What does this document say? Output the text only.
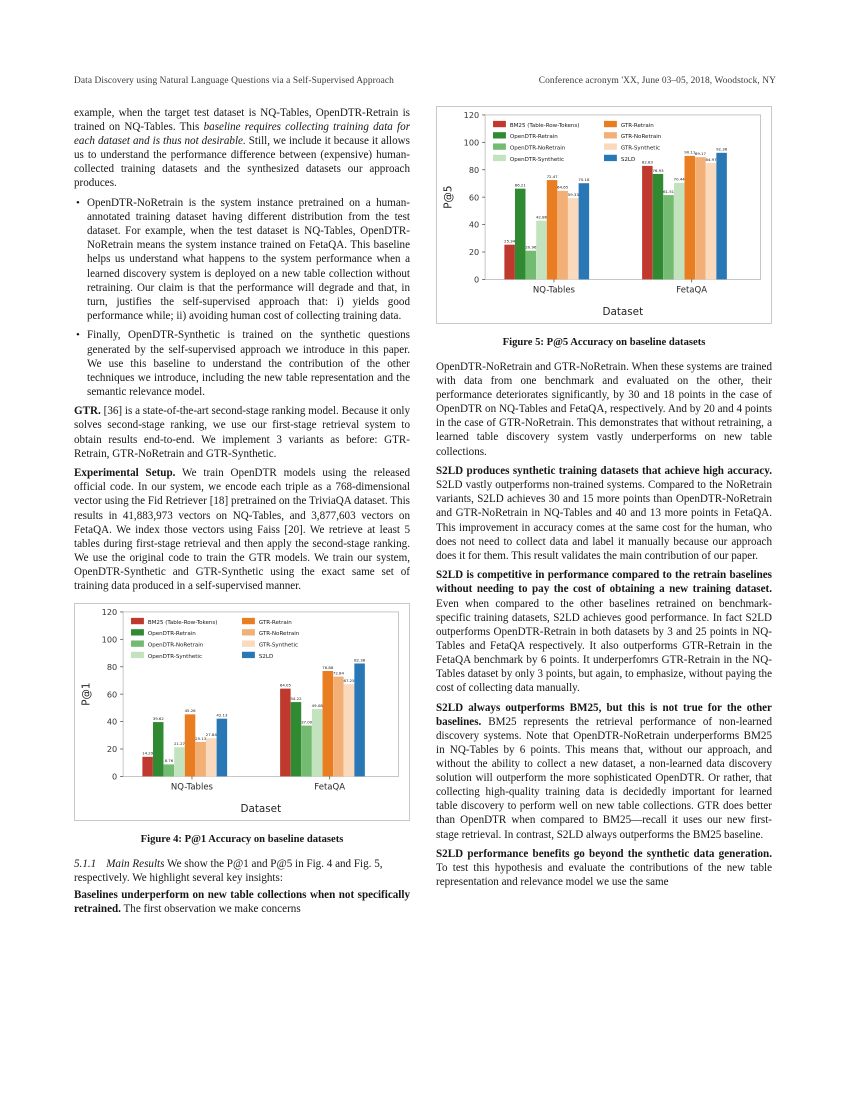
Data Discovery using Natural Language Questions via a Self-Supervised Approach	Conference acronym 'XX, June 03–05, 2018, Woodstock, NY

example, when the target test dataset is NQ-Tables, OpenDTR-Retrain is trained on NQ-Tables. This baseline requires collecting training data for each dataset and is thus not desirable. Still, we include it because it allows us to understand the performance difference between (expensive) human-collected training datasets and the synthesized datasets our approach produces.

• OpenDTR-NoRetrain is the system instance pretrained on a human-annotated training dataset having different distribution from the test dataset. For example, when the test dataset is NQ-Tables, OpenDTR-NoRetrain means the system instance trained on FetaQA. This baseline helps us understand what happens to the system performance when a learned discovery system is deployed on a new table collection without retraining. Our claim is that the performance will degrade and that, in turn, justifies the self-supervised approach that: i) yields good performance while; ii) avoiding human cost of collecting training data.
• Finally, OpenDTR-Synthetic is trained on the synthetic questions generated by the self-supervised approach we introduce in this paper. We use this baseline to understand the contribution of the other techniques we introduce, including the new table representation and the semantic relevance model.

GTR. [36] is a state-of-the-art second-stage ranking model. Because it only solves second-stage ranking, we use our first-stage retrieval system to obtain results end-to-end. We implement 3 variants as before: GTR-Retrain, GTR-NoRetrain and GTR-Synthetic.

Experimental Setup. We train OpenDTR models using the released official code. In our system, we encode each triple as a 768-dimensional vector using the Fid Retriever [18] pretrained on the TriviaQA dataset. This results in 41,883,973 vectors on NQ-Tables, and 3,877,603 vectors on FetaQA. We index those vectors using Faiss [20]. We retrieve at least 5 tables during first-stage retrieval and then apply the second-stage ranking. We use the original code to train the GTR models. We train our system, OpenDTR-Synthetic and GTR-Synthetic using the exact same set of training data produced in a self-supervised manner.

0
20
40
60
80
100
120
P@1
14.29
39.62
8.76
21.27
45.26
25.13
27.84
42.13
NQ-Tables
64.05
54.22
37.09
49.08
76.88
72.84
67.25
82.38
FetaQA
Dataset
BM25 (Table-Row-Tokens)
OpenDTR-Retrain
OpenDTR-NoRetrain
OpenDTR-Synthetic
GTR-Retrain
GTR-NoRetrain
GTR-Synthetic
S2LD
Figure 4: P@1 Accuracy on baseline datasets
5.1.1 Main Results We show the P@1 and P@5 in Fig. 4 and Fig. 5, respectively. We highlight several key insights:

Baselines underperform on new table collections when not specifically retrained. The first observation we make concerns

0
20
40
60
80
100
120
P@5
25.34
66.21
20.96
42.86
72.47
64.65
59.33
70.18
NQ-Tables
82.83
76.93
61.51
70.44
90.11 89.17
84.97
92.36
FetaQA
Dataset
BM25 (Table-Row-Tokens)
OpenDTR-Retrain
OpenDTR-NoRetrain
OpenDTR-Synthetic
GTR-Retrain
GTR-NoRetrain
GTR-Synthetic
S2LD
Figure 5: P@5 Accuracy on baseline datasets

OpenDTR-NoRetrain and GTR-NoRetrain. When these systems are trained with data from one benchmark and evaluated on the other, their performance deteriorates significantly, by 30 and 18 points in the case of OpenDTR on NQ-Tables and FetaQA, respectively. And by 20 and 4 points in the case of GTR-NoRetrain. This demonstrates that without retraining, a learned table discovery system vastly underperforms on new table collections.

S2LD produces synthetic training datasets that achieve high accuracy. S2LD vastly outperforms non-trained systems. Compared to the NoRetrain variants, S2LD achieves 30 and 15 more points than OpenDTR-NoRetrain and GTR-NoRetrain in NQ-Tables and 40 and 13 more points in FetaQA. This improvement in accuracy comes at the same cost for the human, who does not need to collect data and label it manually because our approach does it for them. This result validates the main contribution of our paper.

S2LD is competitive in performance compared to the retrain baselines without needing to pay the cost of obtaining a new training dataset. Even when compared to the other baselines retrained on benchmark-specific training datasets, S2LD achieves good performance. In fact S2LD outperforms OpenDTR-Retrain in both datasets by 3 and 25 points in NQ-Tables and FetaQA respectively. It also outperforms GTR-Retrain in the FetaQA benchmark by 6 points. It underperfomrs GTR-Retrain in the NQ-Tables dataset by only 3 points, but again, to emphasize, without paying the cost of collecting data manually.

S2LD always outperforms BM25, but this is not true for the other baselines. BM25 represents the retrieval performance of non-learned discovery systems. Note that OpenDTR-NoRetrain underperforms BM25 in NQ-Tables by 6 points. This means that, without our approach, and without the ability to collect a new dataset, a non-learned data discovery solution will outperform the more sophisticated OpenDTR. Or rather, that collecting high-quality training data is decidedly important for learned table discovery to perform well on new table collections. GTR does better than OpenDTR when compared to BM25—recall it uses our new first-stage retrieval. In contrast, S2LD always outperforms the BM25 baseline.

S2LD performance benefits go beyond the synthetic data generation. To test this hypothesis and evaluate the contributions of the new table representation and relevance model we use the same
